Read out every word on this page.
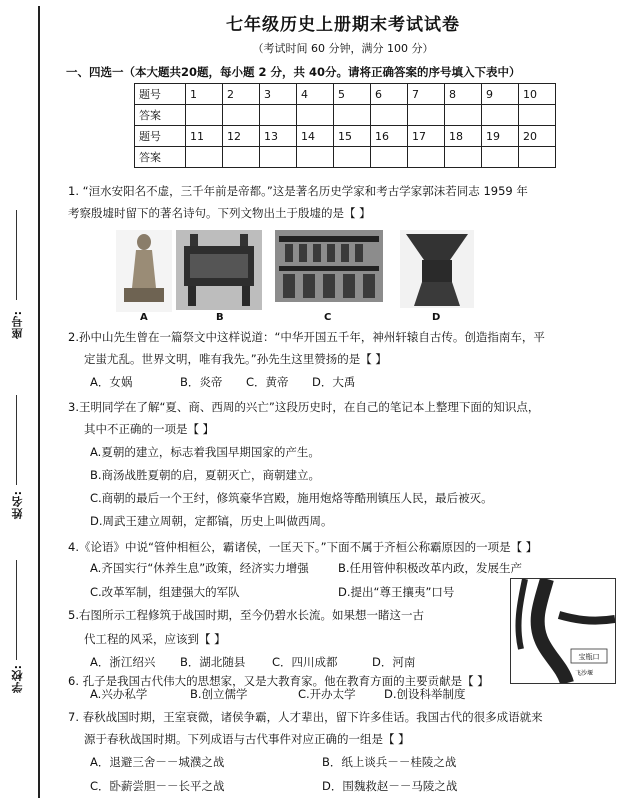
座号:
姓名:
学校:
七年级历史上册期末考试试卷
（考试时间 60 分钟，满分 100 分）
一、四选一（本大题共20题，每小题 2 分，共 40分。请将正确答案的序号填入下表中）
题号	1	2	3	4	5	6	7	8	9	10
答案										
题号	11	12	13	14	15	16	17	18	19	20
答案										
1. “洹水安阳名不虚，三千年前是帝都。”这是著名历史学家和考古学家郭沫若同志 1959 年
考察殷墟时留下的著名诗句。下列文物出土于殷墟的是【 】
A	B	C	D
2.孙中山先生曾在一篇祭文中这样说道：“中华开国五千年，神州轩辕自古传。创造指南车，平
定蚩尤乱。世界文明，唯有我先。”孙先生这里赞扬的是【 】
A．女娲	B．炎帝 C．黄帝 D．大禹
3.王明同学在了解“夏、商、西周的兴亡”这段历史时，在自己的笔记本上整理下面的知识点，
其中不正确的一项是【 】
A.夏朝的建立，标志着我国早期国家的产生。
B.商汤战胜夏朝的启，夏朝灭亡，商朝建立。
C.商朝的最后一个王纣，修筑豪华宫殿，施用炮烙等酷刑镇压人民，最后被灭。
D.周武王建立周朝，定都镐，历史上叫做西周。
4.《论语》中说“管仲相桓公，霸诸侯，一匡天下。”下面不属于齐桓公称霸原因的一项是【 】
A.齐国实行“休养生息”政策，经济实力增强	B.任用管仲积极改革内政，发展生产
C.改革军制，组建强大的军队	D.提出“尊王攘夷”口号
5.右图所示工程修筑于战国时期，至今仍碧水长流。如果想一睹这一古
代工程的风采，应该到【 】
A．浙江绍兴 B．湖北随县 C．四川成都	D．河南	宝瓶口
飞沙堰
6. 孔子是我国古代伟大的思想家，又是大教育家。他在教育方面的主要贡献是【 】
A.兴办私学	B.创立儒学	C.开办太学 D.创设科举制度
7. 春秋战国时期，王室衰微，诸侯争霸，人才辈出，留下许多佳话。我国古代的很多成语就来
源于春秋战国时期。下列成语与古代事件对应正确的一组是【 】
A．退避三舍－－城濮之战	B．纸上谈兵－－桂陵之战
C．卧薪尝胆－－长平之战	D．围魏救赵－－马陵之战
